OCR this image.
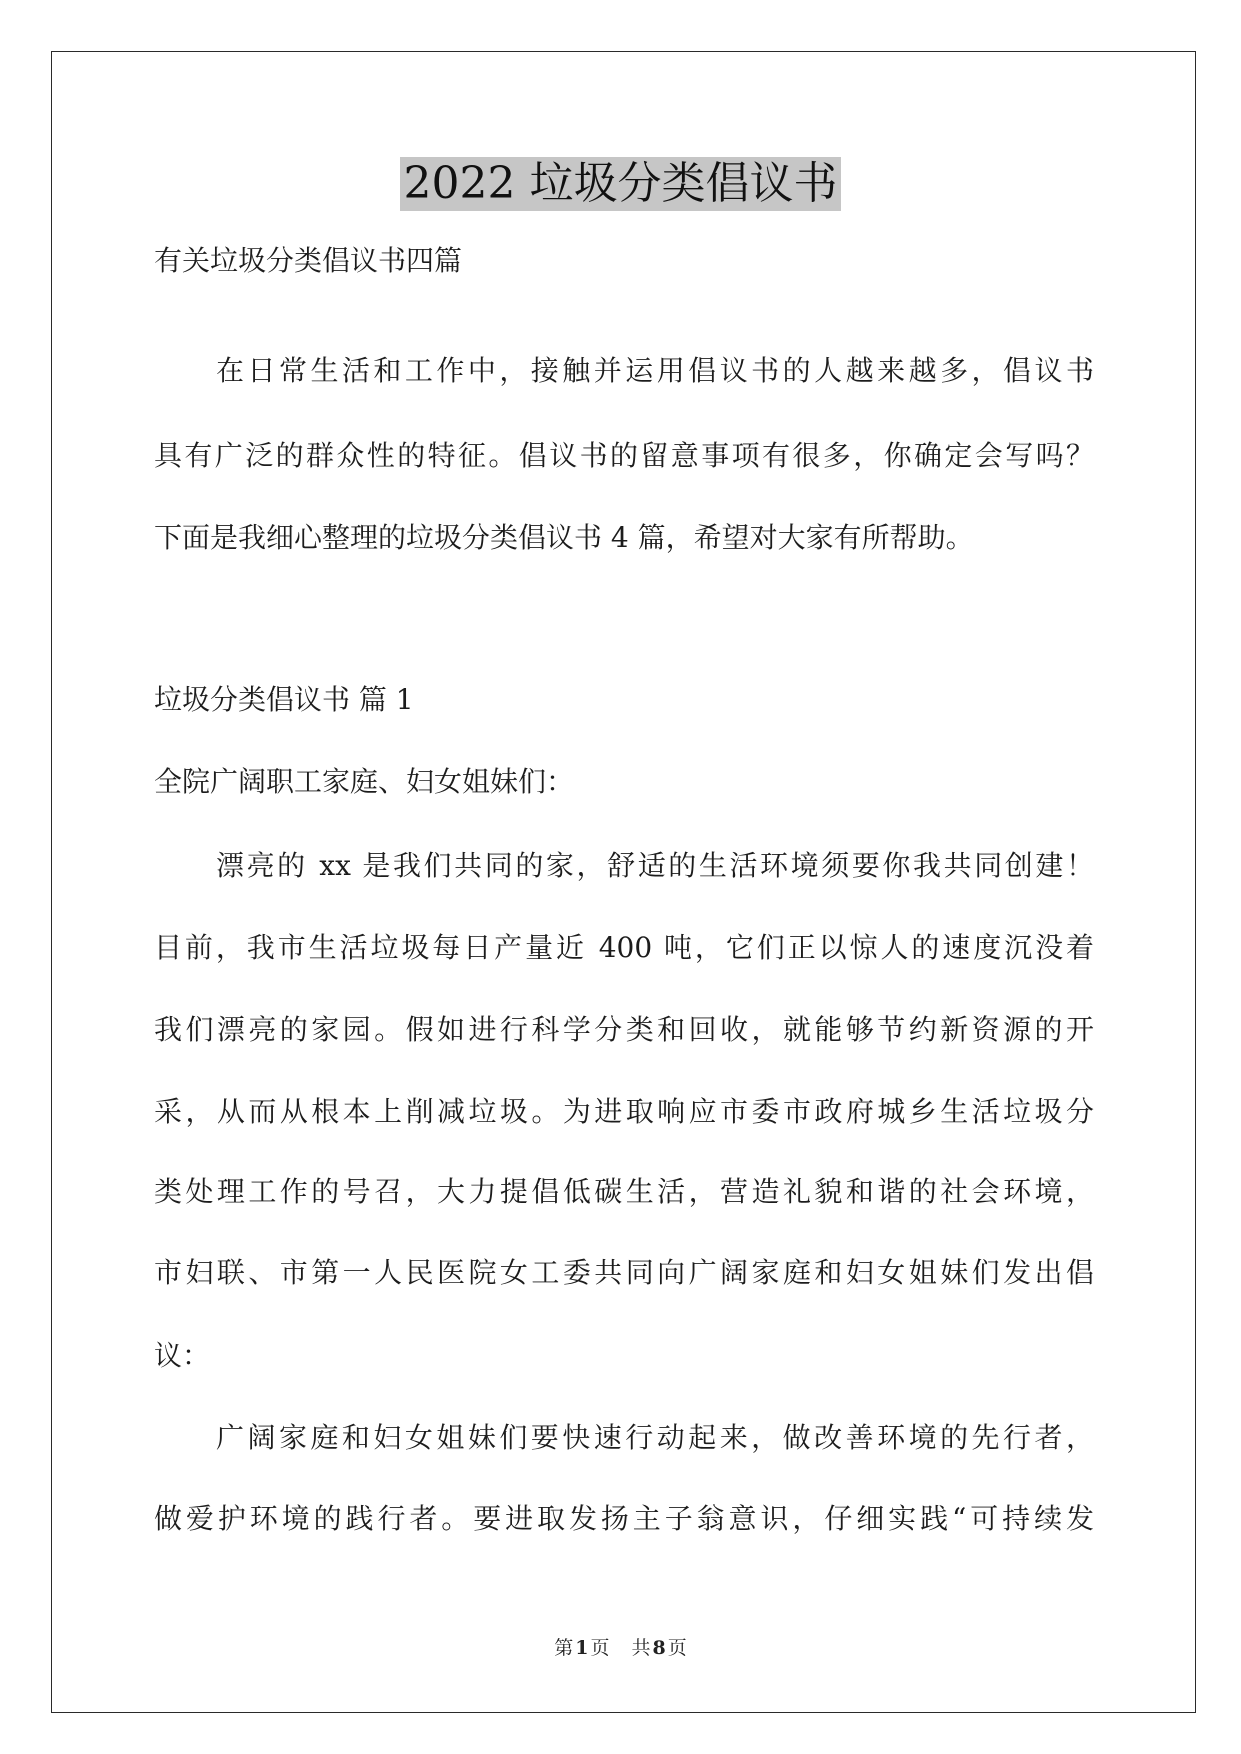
2022 垃圾分类倡议书
有关垃圾分类倡议书四篇
在日常生活和工作中，接触并运用倡议书的人越来越多，倡议书
具有广泛的群众性的特征。倡议书的留意事项有很多，你确定会写吗？
下面是我细心整理的垃圾分类倡议书 4 篇，希望对大家有所帮助。
垃圾分类倡议书 篇 1
全院广阔职工家庭、妇女姐妹们：
漂亮的 xx 是我们共同的家，舒适的生活环境须要你我共同创建！
目前，我市生活垃圾每日产量近 400 吨，它们正以惊人的速度沉没着
我们漂亮的家园。假如进行科学分类和回收，就能够节约新资源的开
采，从而从根本上削减垃圾。为进取响应市委市政府城乡生活垃圾分
类处理工作的号召，大力提倡低碳生活，营造礼貌和谐的社会环境，
市妇联、市第一人民医院女工委共同向广阔家庭和妇女姐妹们发出倡
议：
广阔家庭和妇女姐妹们要快速行动起来，做改善环境的先行者，
做爱护环境的践行者。要进取发扬主子翁意识，仔细实践“可持续发
第 1 页 共 8 页
